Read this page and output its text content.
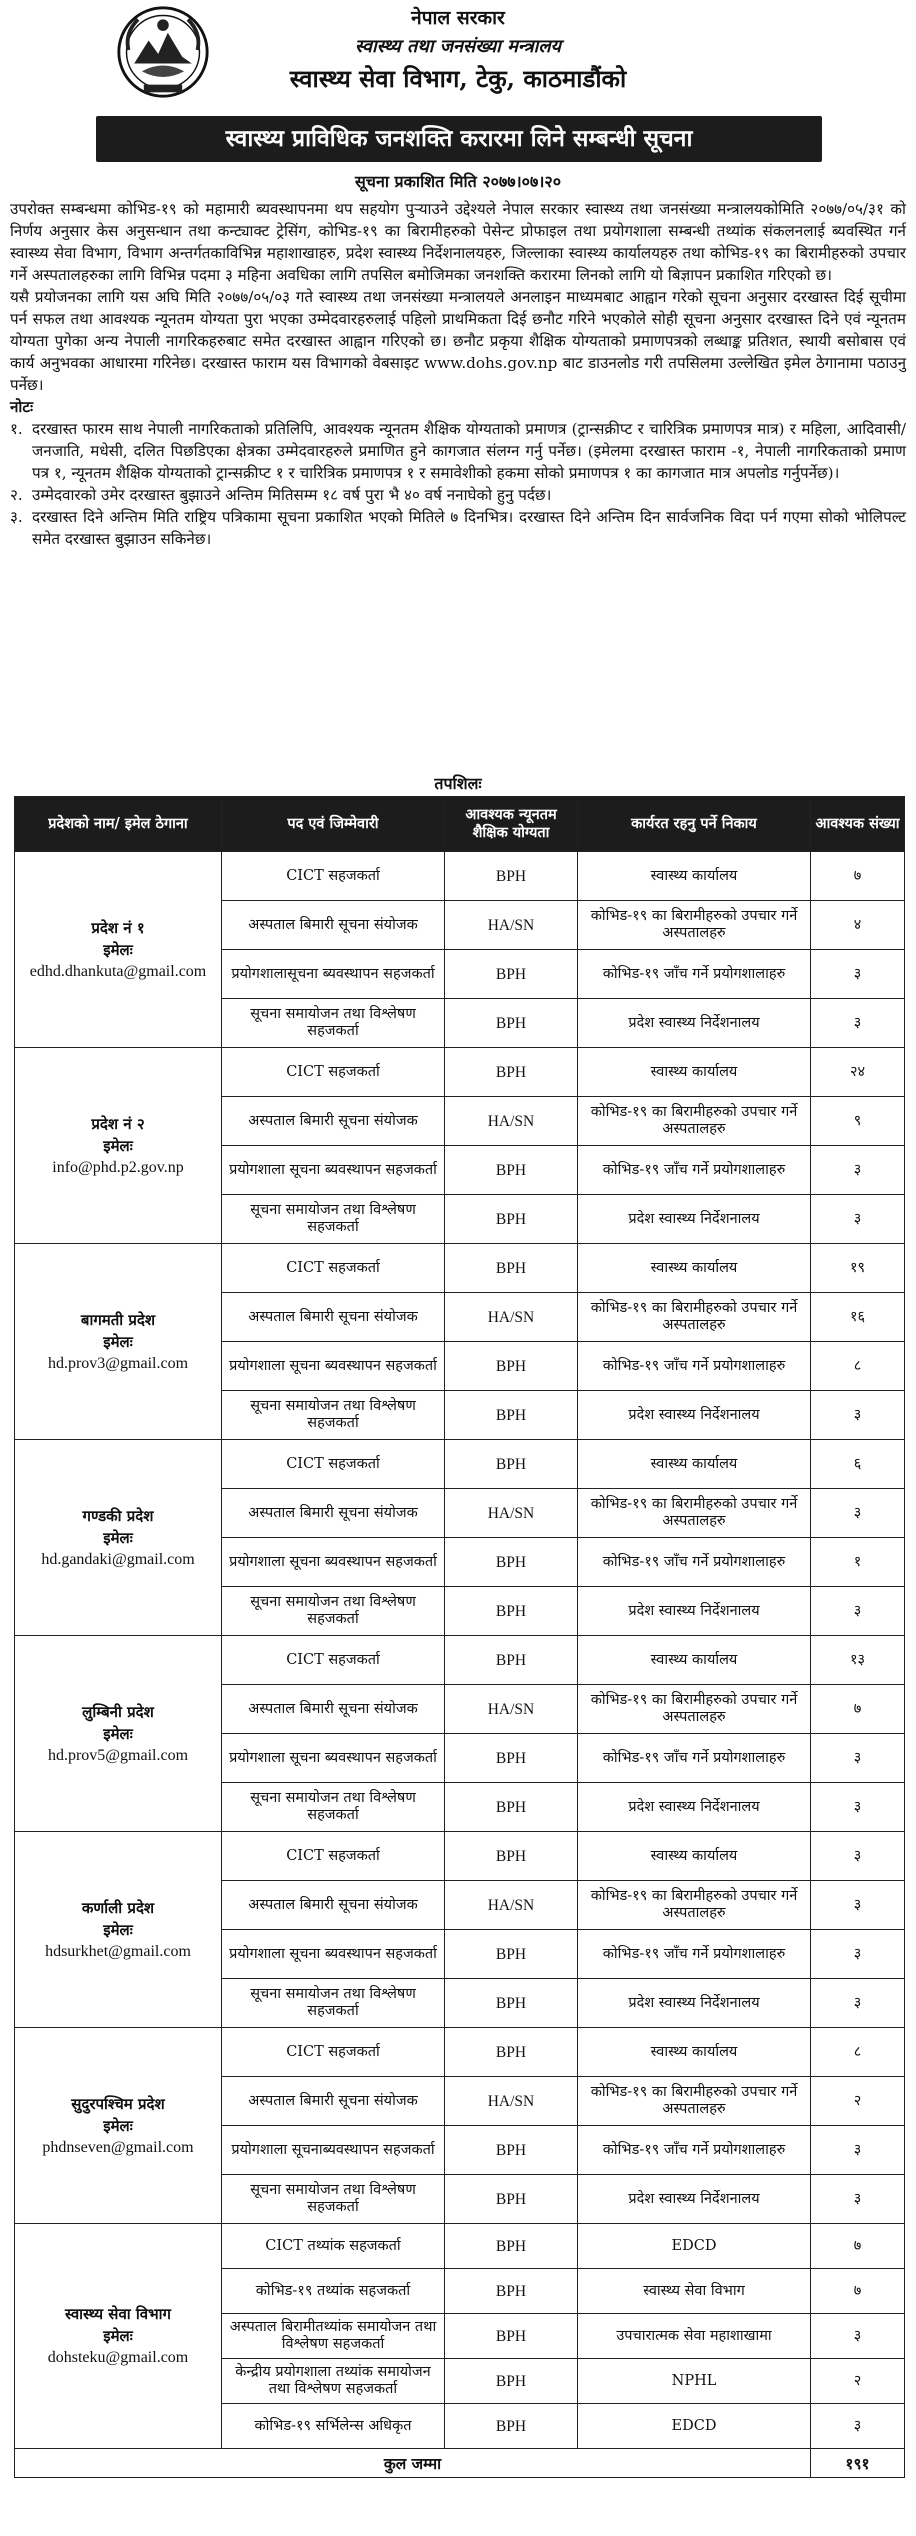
नेपाल सरकार
स्वास्थ्य तथा जनसंख्या मन्त्रालय
स्वास्थ्य सेवा विभाग, टेकु, काठमाडौंको
स्वास्थ्य प्राविधिक जनशक्ति करारमा लिने सम्बन्धी सूचना
सूचना प्रकाशित मिति २०७७।०७।२०

उपरोक्त सम्बन्धमा कोभिड-१९ को महामारी ब्यवस्थापनमा थप सहयोग पुर्‍याउने उद्देश्यले नेपाल सरकार स्वास्थ्य तथा जनसंख्या मन्त्रालयकोमिति २०७७/०५/३१ को निर्णय अनुसार केस अनुसन्धान तथा कन्ट्याक्ट ट्रेसिंग, कोभिड-१९ का बिरामीहरुको पेसेन्ट प्रोफाइल तथा प्रयोगशाला सम्बन्धी तथ्यांक संकलनलाई ब्यवस्थित गर्न स्वास्थ्य सेवा विभाग, विभाग अन्तर्गतकाविभिन्न महाशाखाहरु, प्रदेश स्वास्थ्य निर्देशनालयहरु, जिल्लाका स्वास्थ्य कार्यालयहरु तथा कोभिड-१९ का बिरामीहरुको उपचार गर्ने अस्पतालहरुका लागि विभिन्न पदमा ३ महिना अवधिका लागि तपसिल बमोजिमका जनशक्ति करारमा लिनको लागि यो बिज्ञापन प्रकाशित गरिएको छ।

यसै प्रयोजनका लागि यस अघि मिति २०७७/०५/०३ गते स्वास्थ्य तथा जनसंख्या मन्त्रालयले अनलाइन माध्यमबाट आह्वान गरेको सूचना अनुसार दरखास्त दिई सूचीमा पर्न सफल तथा आवश्यक न्यूनतम योग्यता पुरा भएका उम्मेदवारहरुलाई पहिलो प्राथमिकता दिई छनौट गरिने भएकोले सोही सूचना अनुसार दरखास्त दिने एवं न्यूनतम योग्यता पुगेका अन्य नेपाली नागरिकहरुबाट समेत दरखास्त आह्वान गरिएको छ। छनौट प्रकृया शैक्षिक योग्यताको प्रमाणपत्रको लब्धाङ्क प्रतिशत, स्थायी बसोबास एवं कार्य अनुभवका आधारमा गरिनेछ। दरखास्त फाराम यस विभागको वेबसाइट www.dohs.gov.np बाट डाउनलोड गरी तपसिलमा उल्लेखित इमेल ठेगानामा पठाउनु पर्नेछ।

नोटः

१. दरखास्त फारम साथ नेपाली नागरिकताको प्रतिलिपि, आवश्यक न्यूनतम शैक्षिक योग्यताको प्रमाणत्र (ट्रान्सक्रीप्ट र चारित्रिक प्रमाणपत्र मात्र) र महिला, आदिवासी/जनजाति, मधेसी, दलित पिछडिएका क्षेत्रका उम्मेदवारहरुले प्रमाणित हुने कागजात संलग्न गर्नु पर्नेछ। (इमेलमा दरखास्त फाराम -१, नेपाली नागरिकताको प्रमाण पत्र १, न्यूनतम शैक्षिक योग्यताको ट्रान्सक्रीप्ट १ र चारित्रिक प्रमाणपत्र १ र समावेशीको हकमा सोको प्रमाणपत्र १ का कागजात मात्र अपलोड गर्नुपर्नेछ)।
२. उम्मेदवारको उमेर दरखास्त बुझाउने अन्तिम मितिसम्म १८ वर्ष पुरा भै ४० वर्ष ननाघेको हुनु पर्दछ।
३. दरखास्त दिने अन्तिम मिति राष्ट्रिय पत्रिकामा सूचना प्रकाशित भएको मितिले ७ दिनभित्र। दरखास्त दिने अन्तिम दिन सार्वजनिक विदा पर्न गएमा सोको भोलिपल्ट समेत दरखास्त बुझाउन सकिनेछ।
तपशिलः
प्रदेशको नाम/ इमेल ठेगाना	पद एवं जिम्मेवारी	आवश्यक न्यूनतम शैक्षिक योग्यता	कार्यरत रहनु पर्ने निकाय	आवश्यक संख्या

प्रदेश नं १
इमेलः
edhd.dhankuta@gmail.com	CICT सहजकर्ता	BPH	स्वास्थ्य कार्यालय	७
	अस्पताल बिमारी सूचना संयोजक	HA/SN	कोभिड-१९ का बिरामीहरुको उपचार गर्ने अस्पतालहरु	४
	प्रयोगशालासूचना ब्यवस्थापन सहजकर्ता	BPH	कोभिड-१९ जाँच गर्ने प्रयोगशालाहरु	३
	सूचना समायोजन तथा विश्लेषण सहजकर्ता	BPH	प्रदेश स्वास्थ्य निर्देशनालय	३

प्रदेश नं २
इमेलः
info@phd.p2.gov.np	CICT सहजकर्ता	BPH	स्वास्थ्य कार्यालय	२४
	अस्पताल बिमारी सूचना संयोजक	HA/SN	कोभिड-१९ का बिरामीहरुको उपचार गर्ने अस्पतालहरु	९
	प्रयोगशाला सूचना ब्यवस्थापन सहजकर्ता	BPH	कोभिड-१९ जाँच गर्ने प्रयोगशालाहरु	३
	सूचना समायोजन तथा विश्लेषण सहजकर्ता	BPH	प्रदेश स्वास्थ्य निर्देशनालय	३

बागमती प्रदेश
इमेलः
hd.prov3@gmail.com	CICT सहजकर्ता	BPH	स्वास्थ्य कार्यालय	१९
	अस्पताल बिमारी सूचना संयोजक	HA/SN	कोभिड-१९ का बिरामीहरुको उपचार गर्ने अस्पतालहरु	१६
	प्रयोगशाला सूचना ब्यवस्थापन सहजकर्ता	BPH	कोभिड-१९ जाँच गर्ने प्रयोगशालाहरु	८
	सूचना समायोजन तथा विश्लेषण सहजकर्ता	BPH	प्रदेश स्वास्थ्य निर्देशनालय	३

गण्डकी प्रदेश
इमेलः
hd.gandaki@gmail.com	CICT सहजकर्ता	BPH	स्वास्थ्य कार्यालय	६
	अस्पताल बिमारी सूचना संयोजक	HA/SN	कोभिड-१९ का बिरामीहरुको उपचार गर्ने अस्पतालहरु	३
	प्रयोगशाला सूचना ब्यवस्थापन सहजकर्ता	BPH	कोभिड-१९ जाँच गर्ने प्रयोगशालाहरु	१
	सूचना समायोजन तथा विश्लेषण सहजकर्ता	BPH	प्रदेश स्वास्थ्य निर्देशनालय	३

लुम्बिनी प्रदेश
इमेलः
hd.prov5@gmail.com	CICT सहजकर्ता	BPH	स्वास्थ्य कार्यालय	१३
	अस्पताल बिमारी सूचना संयोजक	HA/SN	कोभिड-१९ का बिरामीहरुको उपचार गर्ने अस्पतालहरु	७
	प्रयोगशाला सूचना ब्यवस्थापन सहजकर्ता	BPH	कोभिड-१९ जाँच गर्ने प्रयोगशालाहरु	३
	सूचना समायोजन तथा विश्लेषण सहजकर्ता	BPH	प्रदेश स्वास्थ्य निर्देशनालय	३

कर्णाली प्रदेश
इमेलः
hdsurkhet@gmail.com	CICT सहजकर्ता	BPH	स्वास्थ्य कार्यालय	३
	अस्पताल बिमारी सूचना संयोजक	HA/SN	कोभिड-१९ का बिरामीहरुको उपचार गर्ने अस्पतालहरु	३
	प्रयोगशाला सूचना ब्यवस्थापन सहजकर्ता	BPH	कोभिड-१९ जाँच गर्ने प्रयोगशालाहरु	३
	सूचना समायोजन तथा विश्लेषण सहजकर्ता	BPH	प्रदेश स्वास्थ्य निर्देशनालय	३

सुदुरपश्चिम प्रदेश
इमेलः
phdnseven@gmail.com	CICT सहजकर्ता	BPH	स्वास्थ्य कार्यालय	८
	अस्पताल बिमारी सूचना संयोजक	HA/SN	कोभिड-१९ का बिरामीहरुको उपचार गर्ने अस्पतालहरु	२
	प्रयोगशाला सूचनाब्यवस्थापन सहजकर्ता	BPH	कोभिड-१९ जाँच गर्ने प्रयोगशालाहरु	३
	सूचना समायोजन तथा विश्लेषण सहजकर्ता	BPH	प्रदेश स्वास्थ्य निर्देशनालय	३

स्वास्थ्य सेवा विभाग
इमेलः
dohsteku@gmail.com	CICT तथ्यांक सहजकर्ता	BPH	EDCD	७
	कोभिड-१९ तथ्यांक सहजकर्ता	BPH	स्वास्थ्य सेवा विभाग	७
	अस्पताल बिरामीतथ्यांक समायोजन तथा विश्लेषण सहजकर्ता	BPH	उपचारात्मक सेवा महाशाखामा	३
	केन्द्रीय प्रयोगशाला तथ्यांक समायोजन तथा विश्लेषण सहजकर्ता	BPH	NPHL	२
	कोभिड-१९ सर्भिलेन्स अधिकृत	BPH	EDCD	३
कुल जम्मा				१९१
